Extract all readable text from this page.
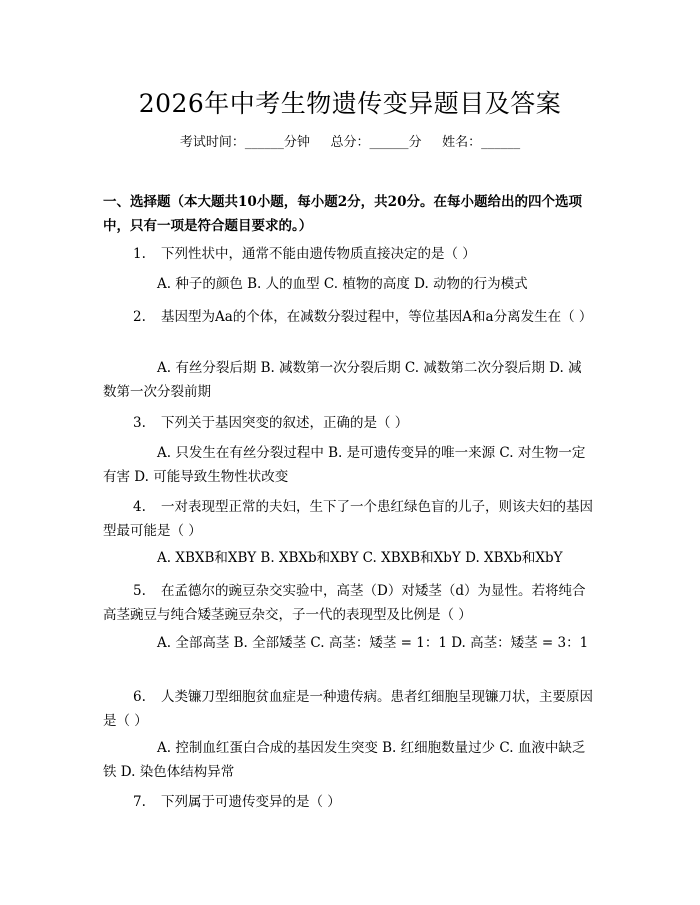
2026年中考生物遗传变异题目及答案
考试时间：______分钟     总分：______分     姓名：______
一、选择题（本大题共10小题，每小题2分，共20分。在每小题给出的四个选项中，只有一项是符合题目要求的。）
1. 下列性状中，通常不能由遗传物质直接决定的是（ ）
A. 种子的颜色 B. 人的血型 C. 植物的高度 D. 动物的行为模式
2. 基因型为Aa的个体，在减数分裂过程中，等位基因A和a分离发生在（ ）
A. 有丝分裂后期 B. 减数第一次分裂后期 C. 减数第二次分裂后期 D. 减数第一次分裂前期
3. 下列关于基因突变的叙述，正确的是（ ）
A. 只发生在有丝分裂过程中 B. 是可遗传变异的唯一来源 C. 对生物一定有害 D. 可能导致生物性状改变
4. 一对表现型正常的夫妇，生下了一个患红绿色盲的儿子，则该夫妇的基因型最可能是（ ）
A. XBXB和XBY B. XBXb和XBY C. XBXB和XbY D. XBXb和XbY
5. 在孟德尔的豌豆杂交实验中，高茎（D）对矮茎（d）为显性。若将纯合高茎豌豆与纯合矮茎豌豆杂交，子一代的表现型及比例是（ ）
A. 全部高茎 B. 全部矮茎 C. 高茎：矮茎 = 1：1 D. 高茎：矮茎 = 3：1
6. 人类镰刀型细胞贫血症是一种遗传病。患者红细胞呈现镰刀状，主要原因是（ ）
A. 控制血红蛋白合成的基因发生突变 B. 红细胞数量过少 C. 血液中缺乏铁 D. 染色体结构异常
7. 下列属于可遗传变异的是（ ）
